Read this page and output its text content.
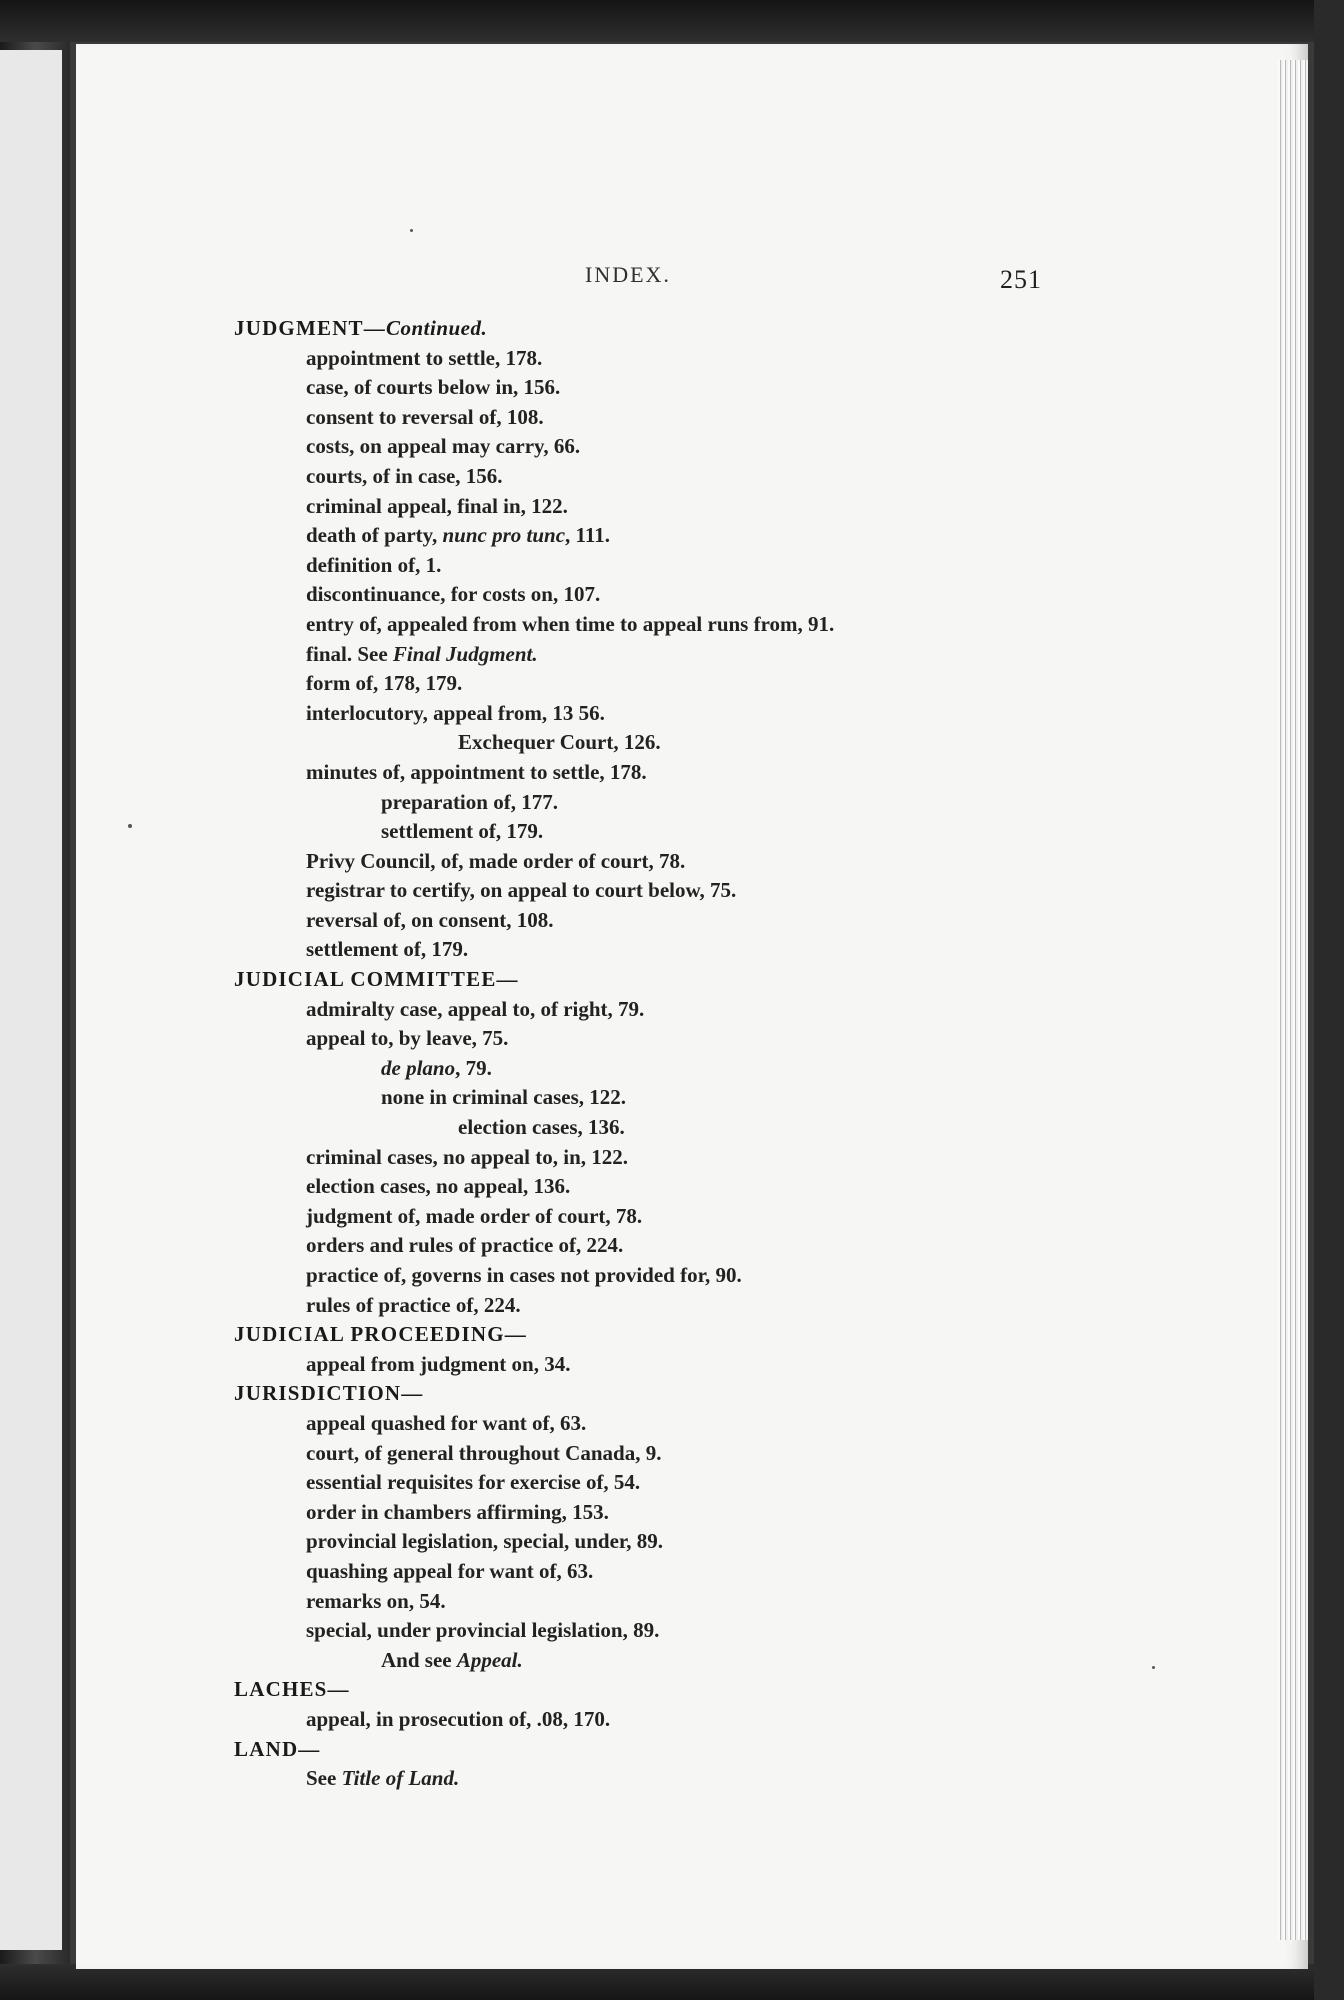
INDEX.	251
JUDGMENT—Continued.
appointment to settle, 178.
case, of courts below in, 156.
consent to reversal of, 108.
costs, on appeal may carry, 66.
courts, of in case, 156.
criminal appeal, final in, 122.
death of party, nunc pro tunc, 111.
definition of, 1.
discontinuance, for costs on, 107.
entry of, appealed from when time to appeal runs from, 91.
final. See Final Judgment.
form of, 178, 179.
interlocutory, appeal from, 13 56.
Exchequer Court, 126.
minutes of, appointment to settle, 178.
preparation of, 177.
settlement of, 179.
Privy Council, of, made order of court, 78.
registrar to certify, on appeal to court below, 75.
reversal of, on consent, 108.
settlement of, 179.
JUDICIAL COMMITTEE—
admiralty case, appeal to, of right, 79.
appeal to, by leave, 75.
de plano, 79.
none in criminal cases, 122.
election cases, 136.
criminal cases, no appeal to, in, 122.
election cases, no appeal, 136.
judgment of, made order of court, 78.
orders and rules of practice of, 224.
practice of, governs in cases not provided for, 90.
rules of practice of, 224.
JUDICIAL PROCEEDING—
appeal from judgment on, 34.
JURISDICTION—
appeal quashed for want of, 63.
court, of general throughout Canada, 9.
essential requisites for exercise of, 54.
order in chambers affirming, 153.
provincial legislation, special, under, 89.
quashing appeal for want of, 63.
remarks on, 54.
special, under provincial legislation, 89.
And see Appeal.
LACHES—
appeal, in prosecution of, .08, 170.
LAND—
See Title of Land.
